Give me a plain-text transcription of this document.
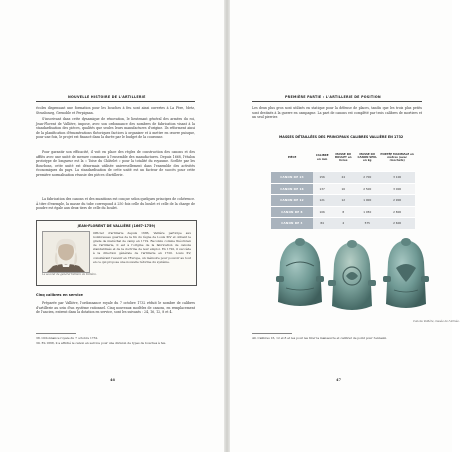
NOUVELLE HISTOIRE DE L'ARTILLERIE

écoles dispensant une formation pour les bouches à feu sont ainsi ouvertes à La Fère, Metz, Strasbourg, Grenoble et Perpignan.

S'inscrivant dans cette dynamique de rénovation, le lieutenant général des armées du roi, Jean-Florent de Vallière, impose, avec son ordonnance des nombres de fabrication visant à la standardisation des pièces, qualités que seules leurs manufactures d'origine. Ils réforment ainsi de la planification d'énumérations théoriques factices à organiser et à mettre en œuvre puisque, pour une fois, le projet est financé dans la durée par le budget de la couronne.

Pour garantir son efficacité, il voit en place des règles de construction des canons et des affûts avec une unité de mesure commune à l'ensemble des manufactures. Depuis 1668, l'étalon prototype de longueur est la « Toise du Châtelet » pour la totalité du royaume. Scellée par les Bourbons, cette unité est désormais utilisée universellement dans l'ensemble des activités économiques du pays. La standardisation de cette unité est un facteur de succès pour cette première normalisation réussie des pièces d'artillerie.

La fabrication des canons et des munitions est conçue selon quelques principes de cohérence. À titre d'exemple, la masse du tube correspond à 250 fois celle du boulet et celle de la charge de poudre est égale aux deux tiers de celle du boulet.

JEAN-FLORENT DE VALLIÈRE (1667-1759)

Officier d'artillerie depuis 1686, Vallière participe aux nombreuses guerres de la fin du règne de Louis XIV et obtient le grade de maréchal de camp en 1719. Reconnu comme théoricien de l'artillerie, il est à l'origine de la fabrication de canons standardisés et de la doctrine de leur emploi. En 1720, il succède à la direction générale de l'artillerie en 1720. Louis XV, considérant l'avenir en l'Europe, un mémoire pour pouvoir au tout en ce qui propose une nouvelle réforme du système.

Le second du général Vallière de Vallière.

Cinq calibres en service

Préparée par Vallière, l'ordonnance royale du 7 octobre 1732 réduit le nombre de calibres d'artillerie au sein d'un système rationnel. Cinq nouveaux modèles de canons, en remplacement de l'ancien, entrent dans la dotation en service, sont les suivants : 24, 16, 12, 8 et 4.

38. Ordonnance royale du 7 octobre 1732.

39. En 1668, il a affiché le canon en service pour une division de types de bouches à feu.

46
PREMIÈRE PARTIE : L'ARTILLERIE DE POSITION

Les deux plus gros sont utilisés en statique pour la défense de places, tandis que les trois plus petits sont destinés à la guerre en campagne. La part de canons est complété par trois calibres de mortiers et un seul pierrier.

MASSES DÉTAILLÉES DES PRINCIPAUX CALIBRES VALLIÈRE EN 1732
PIÈCE	CALIBRE en mm	MASSE DU BOULET en livres	MASSE DU CANON SEUL en kg	PORTÉE MAXIMALE en mètres (avec ricochets)
CANON DE 24	156	24	2 700	3 100
CANON DE 16	137	16	2 500	3 000
CANON DE 12	121	12	1 900	2 900
CANON DE 8	106	8	1 050	2 800
CANON DE 4	84	4	575	2 600
Canons Vallière, musée de l'Armée.

40. Calibres 16, 12 et 8 et les pour les tirer la manœuvre et calibrer de point pour l'ennemi.

47
